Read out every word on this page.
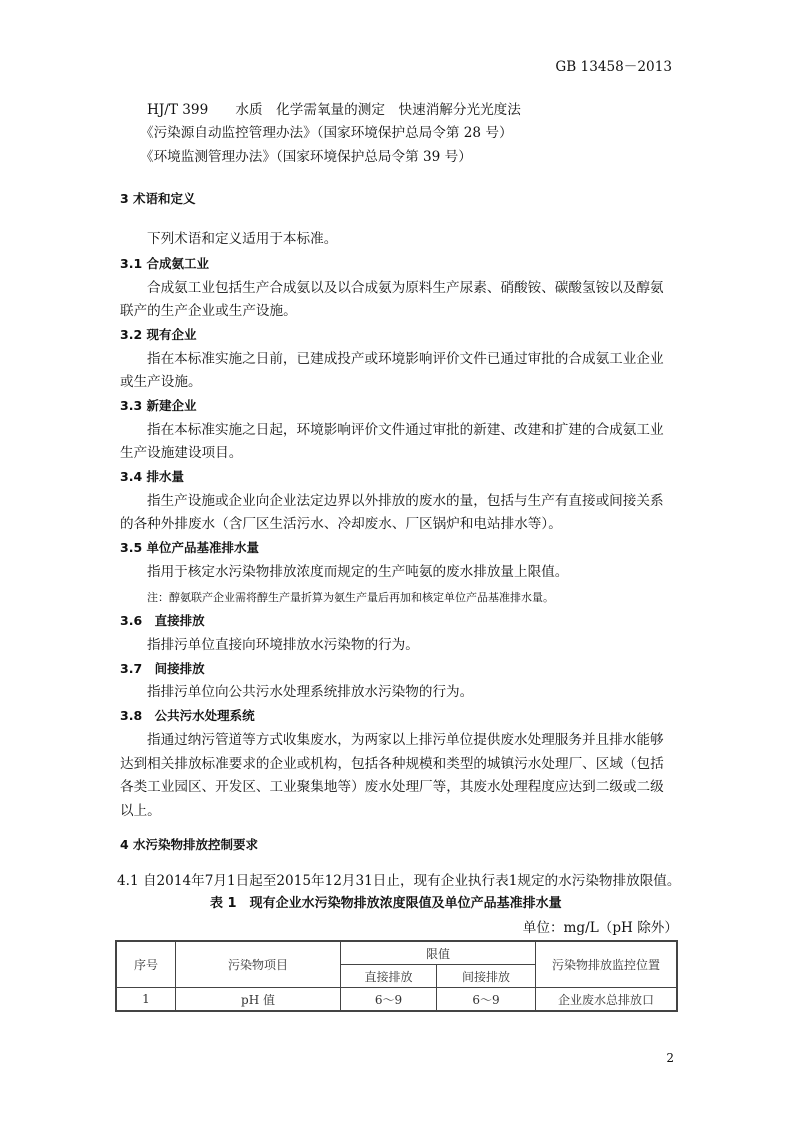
GB 13458－2013
HJ/T 399　　水质　化学需氧量的测定　快速消解分光光度法
《污染源自动监控管理办法》（国家环境保护总局令第 28 号）
《环境监测管理办法》（国家环境保护总局令第 39 号）
3 术语和定义
下列术语和定义适用于本标准。
3.1 合成氨工业
合成氨工业包括生产合成氨以及以合成氨为原料生产尿素、硝酸铵、碳酸氢铵以及醇氨
联产的生产企业或生产设施。
3.2 现有企业
指在本标准实施之日前，已建成投产或环境影响评价文件已通过审批的合成氨工业企业
或生产设施。
3.3 新建企业
指在本标准实施之日起，环境影响评价文件通过审批的新建、改建和扩建的合成氨工业
生产设施建设项目。
3.4 排水量
指生产设施或企业向企业法定边界以外排放的废水的量，包括与生产有直接或间接关系
的各种外排废水（含厂区生活污水、冷却废水、厂区锅炉和电站排水等）。
3.5 单位产品基准排水量
指用于核定水污染物排放浓度而规定的生产吨氨的废水排放量上限值。
注：醇氨联产企业需将醇生产量折算为氨生产量后再加和核定单位产品基准排水量。
3.6　直接排放
指排污单位直接向环境排放水污染物的行为。
3.7　间接排放
指排污单位向公共污水处理系统排放水污染物的行为。
3.8　公共污水处理系统
指通过纳污管道等方式收集废水，为两家以上排污单位提供废水处理服务并且排水能够
达到相关排放标准要求的企业或机构，包括各种规模和类型的城镇污水处理厂、区域（包括
各类工业园区、开发区、工业聚集地等）废水处理厂等，其废水处理程度应达到二级或二级
以上。
4 水污染物排放控制要求
4.1 自2014年7月1日起至2015年12月31日止，现有企业执行表1规定的水污染物排放限值。
表 1　现有企业水污染物排放浓度限值及单位产品基准排水量
单位：mg/L（pH 除外）
序号	污染物项目	限值		污染物排放监控位置
		直接排放	间接排放	
1	pH 值	6～9	6～9	企业废水总排放口
2
